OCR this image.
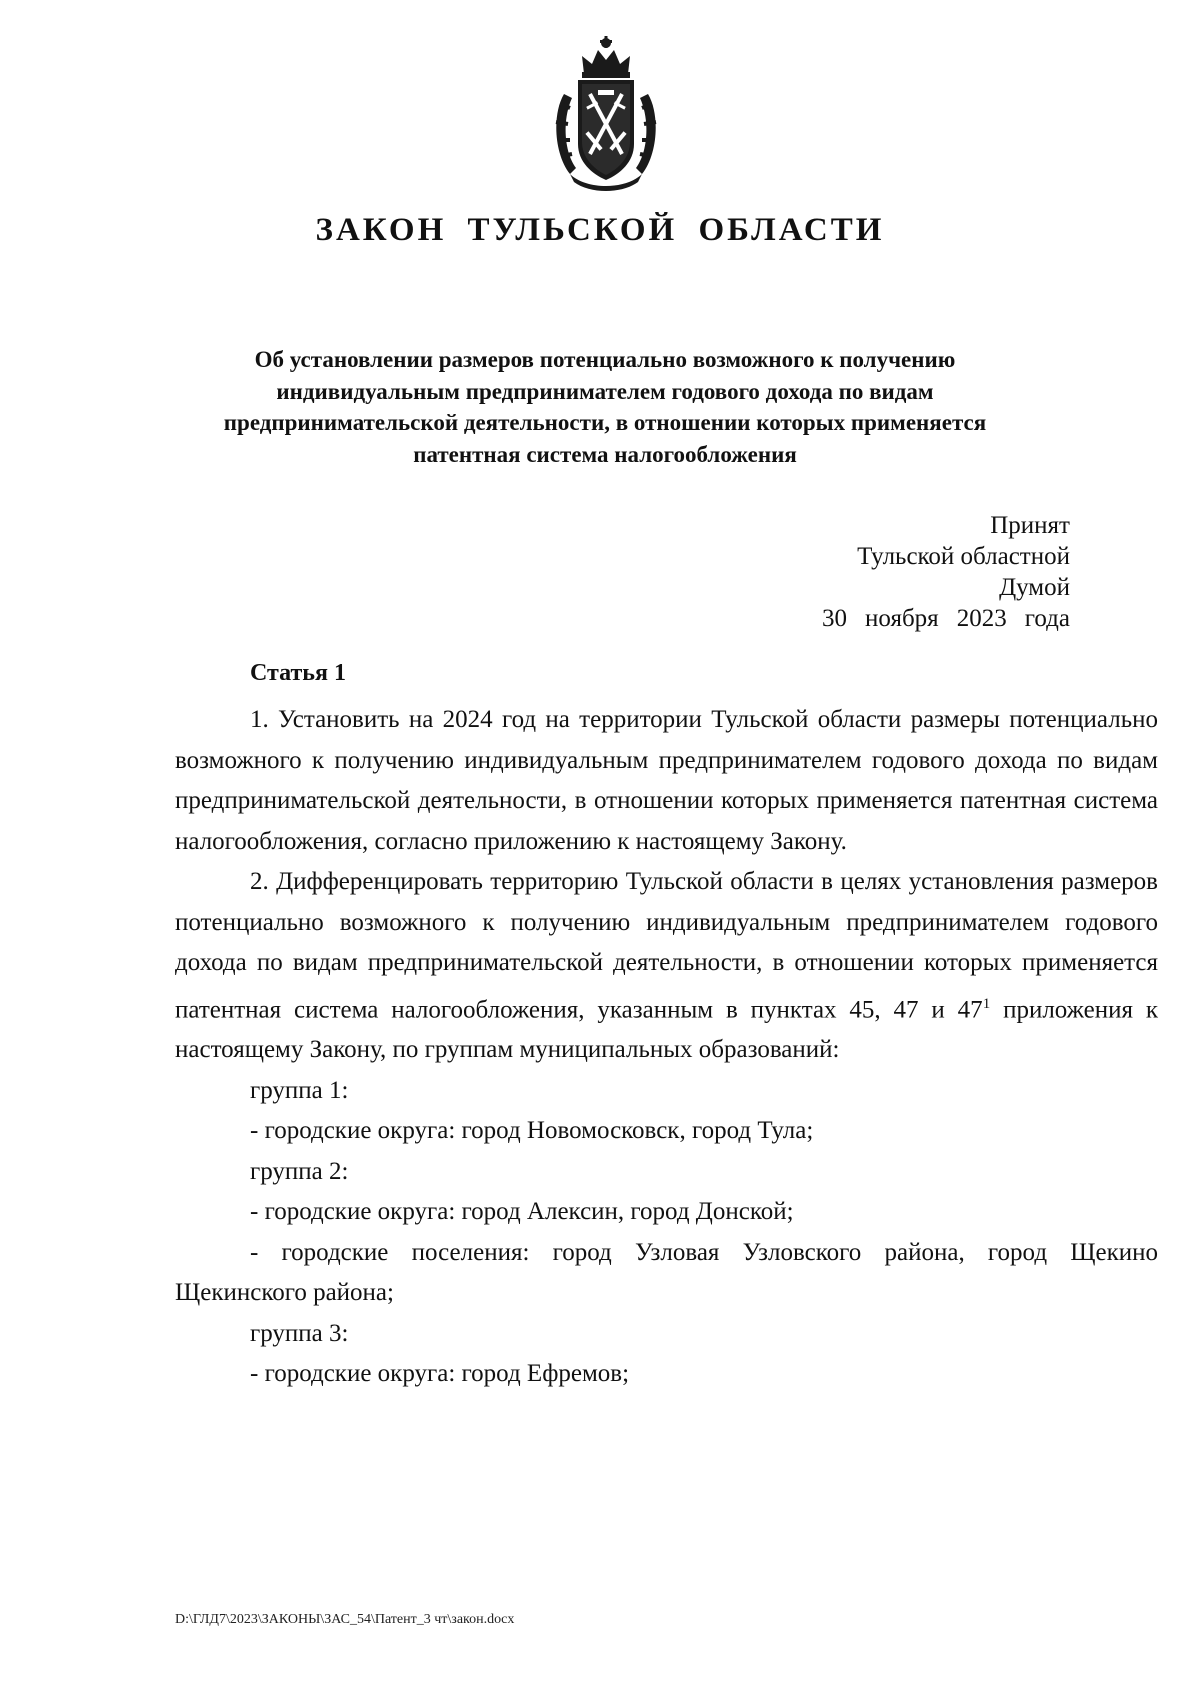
ЗАКОН ТУЛЬСКОЙ ОБЛАСТИ
Об установлении размеров потенциально возможного к получению
индивидуальным предпринимателем годового дохода по видам
предпринимательской деятельности, в отношении которых применяется
патентная система налогообложения
Принят
Тульской областной Думой
30 ноября 2023 года
Статья 1

1. Установить на 2024 год на территории Тульской области размеры потенциально возможного к получению индивидуальным предпринимателем годового дохода по видам предпринимательской деятельности, в отношении которых применяется патентная система налогообложения, согласно приложению к настоящему Закону.

2. Дифференцировать территорию Тульской области в целях установления размеров потенциально возможного к получению индивидуальным предпринимателем годового дохода по видам предпринимательской деятельности, в отношении которых применяется патентная система налогообложения, указанным в пунктах 45, 47 и $47^1$ приложения к настоящему Закону, по группам муниципальных образований:

группа 1:

- городские округа: город Новомосковск, город Тула;

группа 2:

- городские округа: город Алексин, город Донской;

- городские поселения: город Узловая Узловского района, город Щекино Щекинского района;

группа 3:

- городские округа: город Ефремов;

D:\ГЛД7\2023\ЗАКОНЫ\ЗАС_54\Патент_3 чт\закон.docx
